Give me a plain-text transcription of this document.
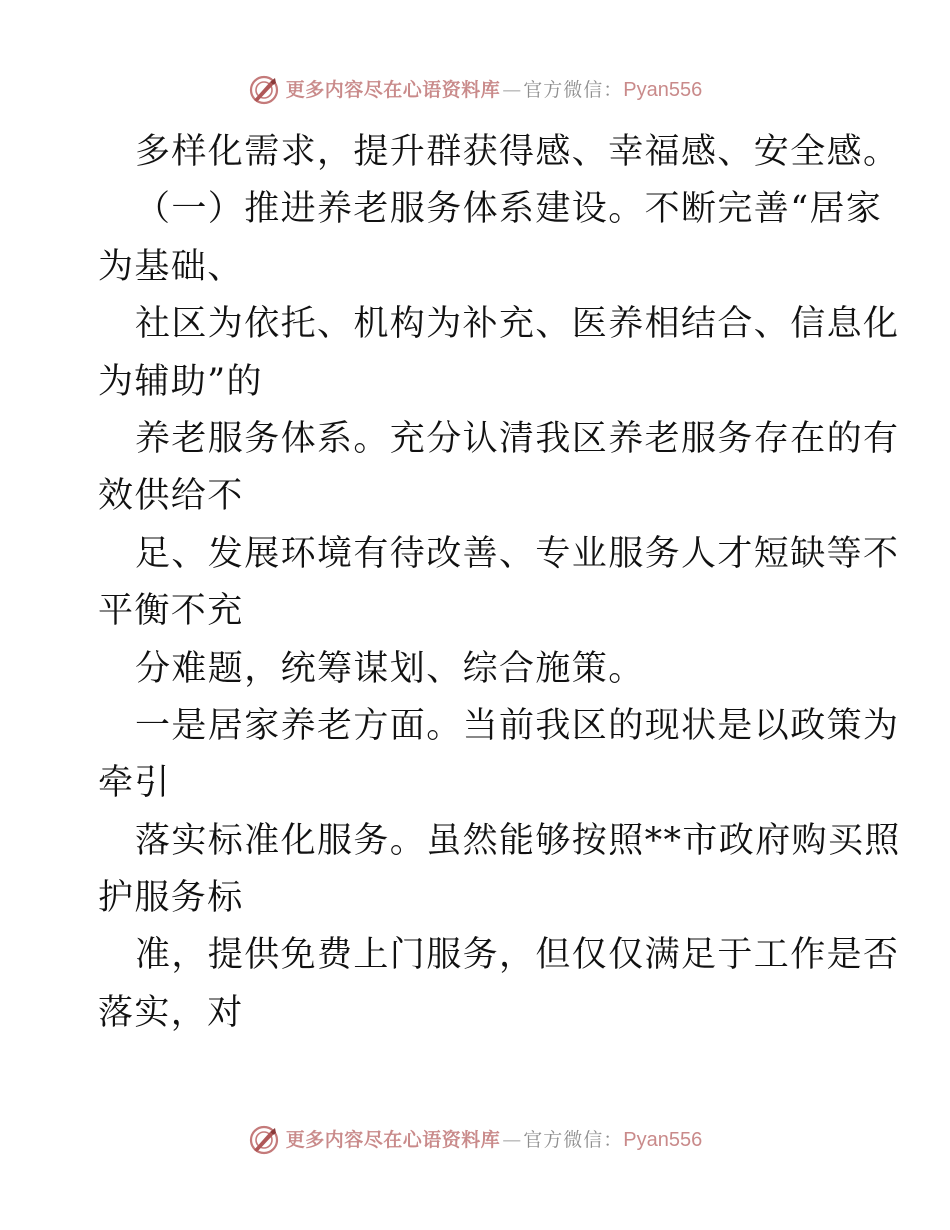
更多内容尽在心语资料库 — 官方微信： Pyan556
多样化需求，提升群获得感、幸福感、安全感。
（一）推进养老服务体系建设。不断完善“居家
为基础、
社区为依托、机构为补充、医养相结合、信息化
为辅助”的
养老服务体系。充分认清我区养老服务存在的有
效供给不
足、发展环境有待改善、专业服务人才短缺等不
平衡不充
分难题，统筹谋划、综合施策。
一是居家养老方面。当前我区的现状是以政策为
牵引
落实标准化服务。虽然能够按照**市政府购买照
护服务标
准，提供免费上门服务，但仅仅满足于工作是否
落实，对
更多内容尽在心语资料库 — 官方微信： Pyan556
